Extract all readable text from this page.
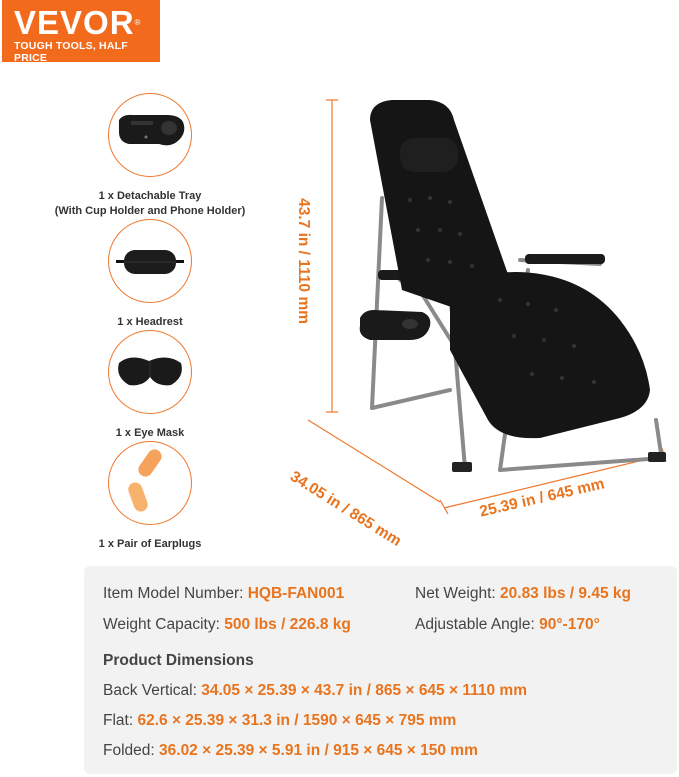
VEVOR®
TOUGH TOOLS, HALF PRICE
1 x Detachable Tray
(With Cup Holder and Phone Holder)
1 x Headrest
1 x Eye Mask
1 x Pair of Earplugs
43.7 in / 1110 mm
34.05 in / 865 mm	25.39 in / 645 mm
Item Model Number: HQB-FAN001	Net Weight: 20.83 lbs / 9.45 kg
Weight Capacity: 500 lbs / 226.8 kg	Adjustable Angle: 90°-170°
Product Dimensions
Back Vertical: 34.05 × 25.39 × 43.7 in / 865 × 645 × 1110 mm
Flat: 62.6 × 25.39 × 31.3 in / 1590 × 645 × 795 mm
Folded: 36.02 × 25.39 × 5.91 in / 915 × 645 × 150 mm
